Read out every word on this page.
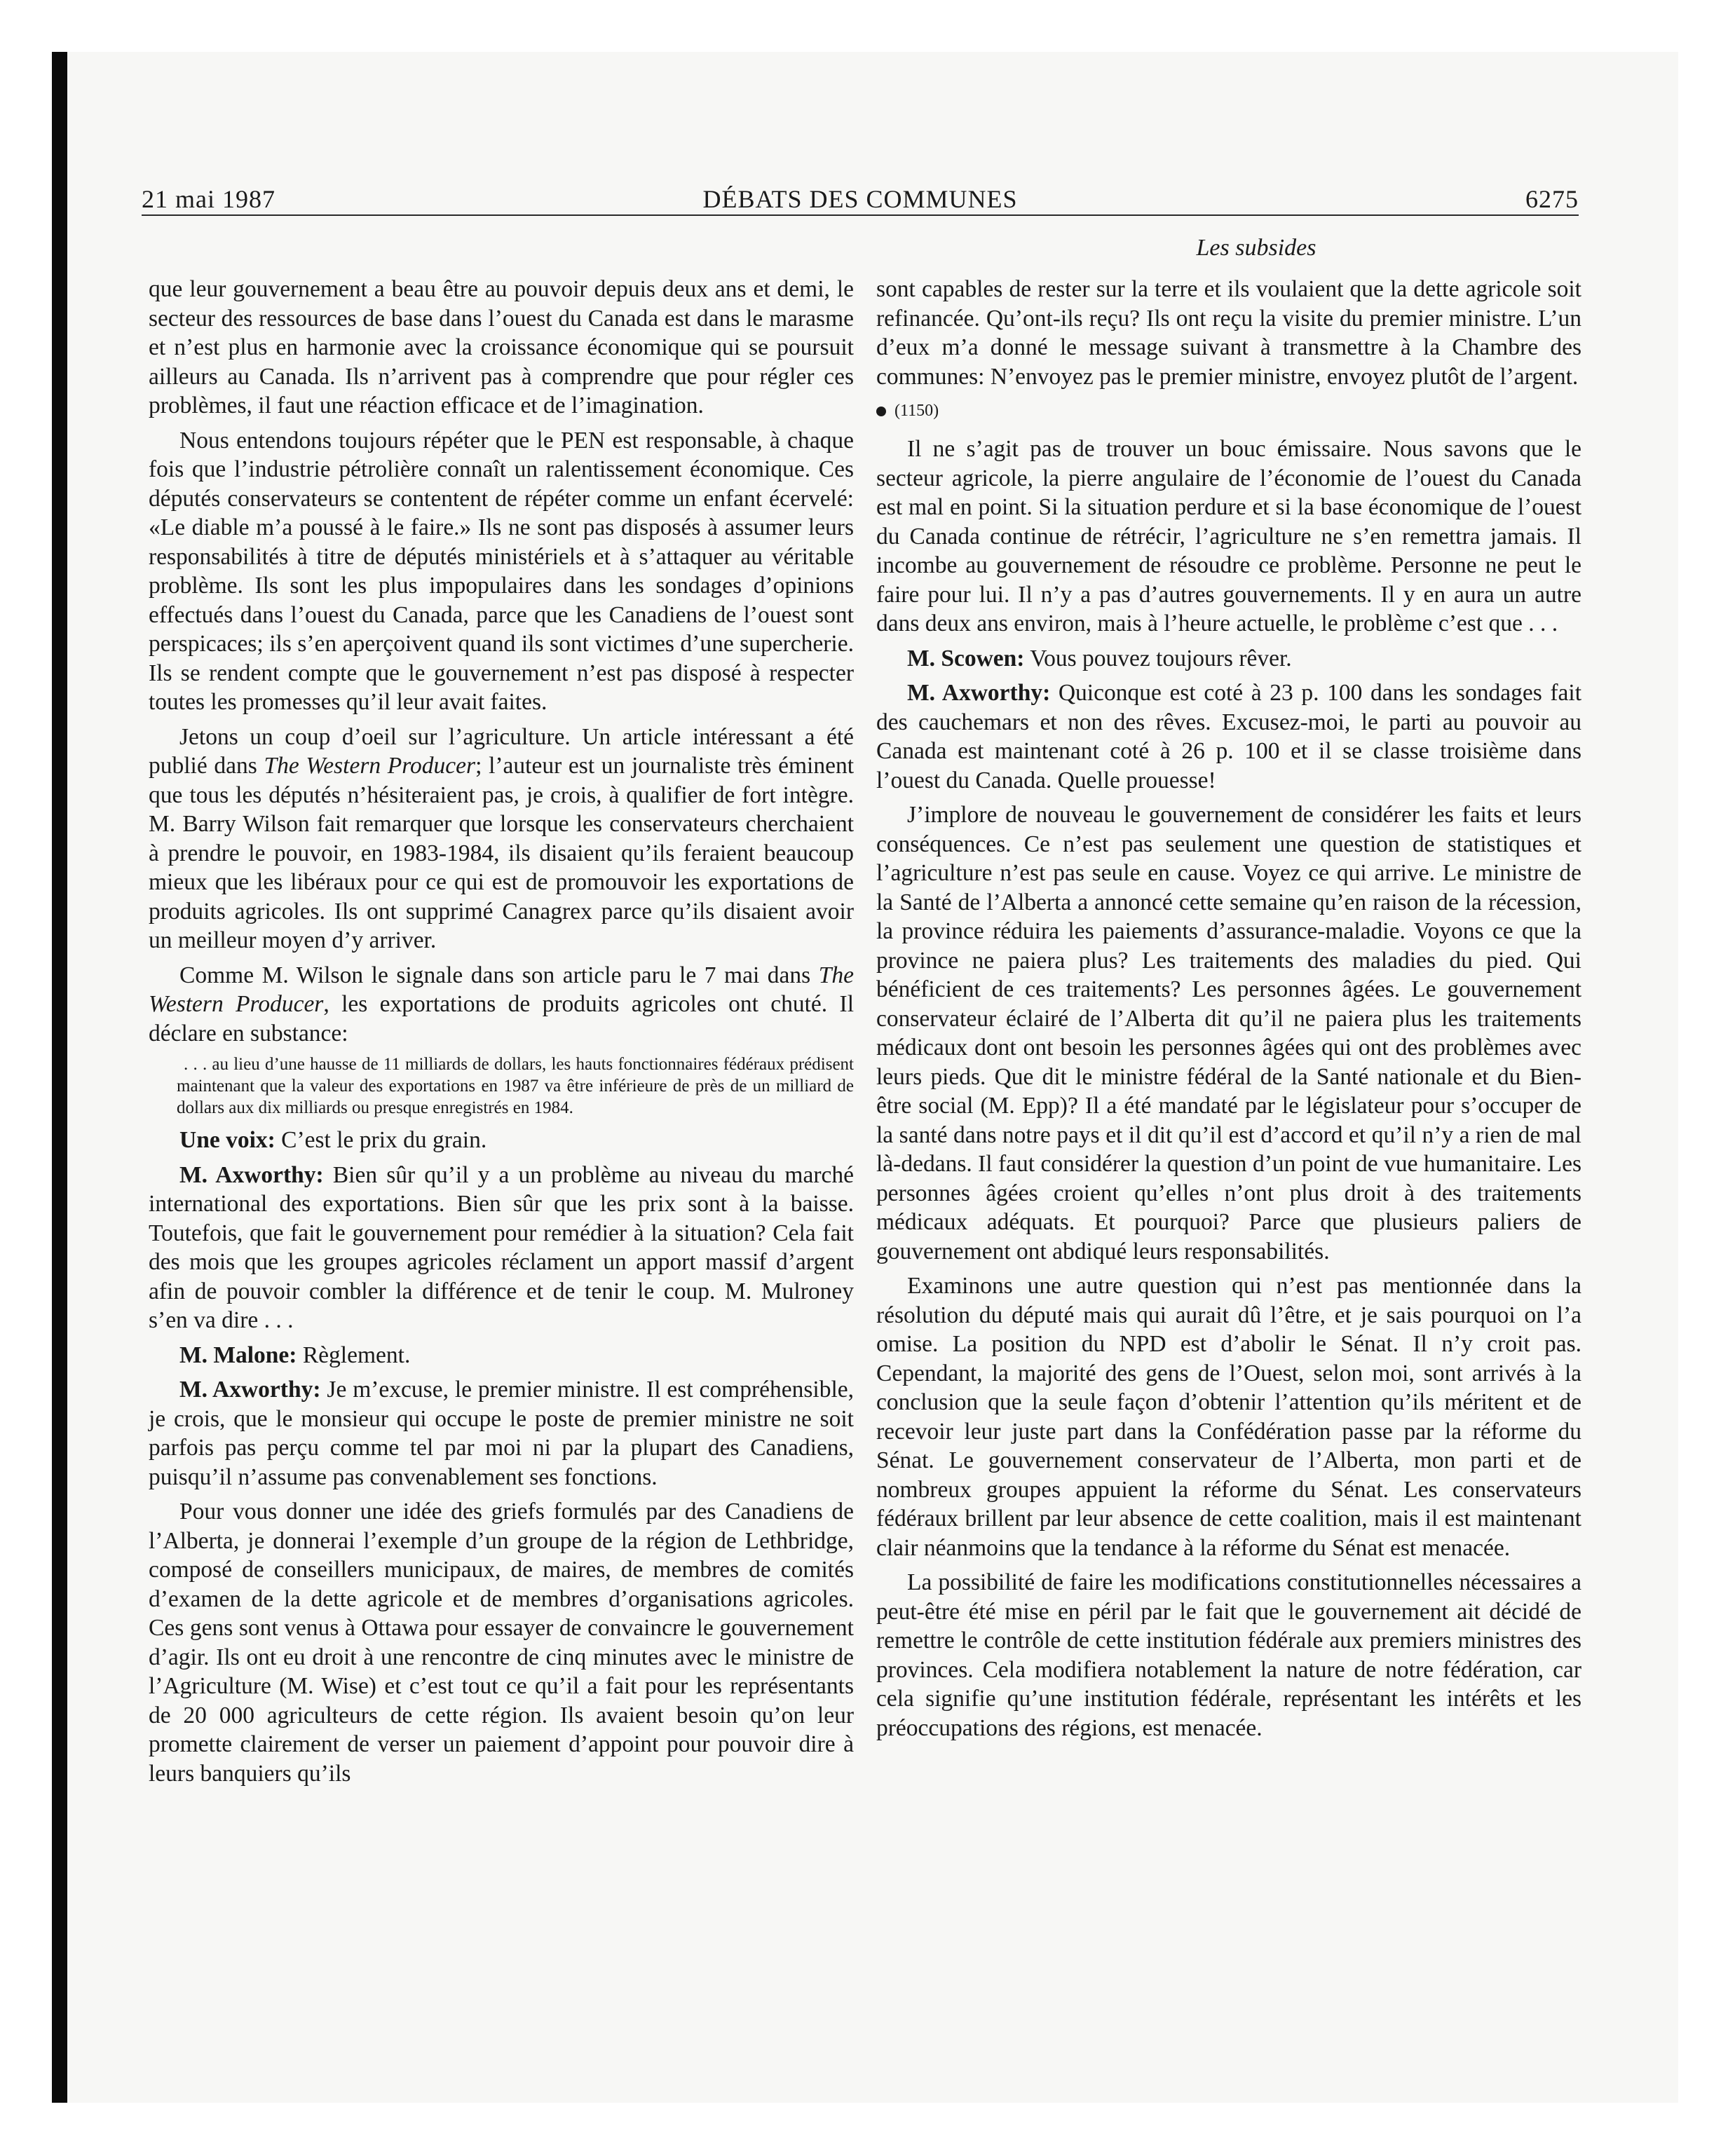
21 mai 1987	DÉBATS DES COMMUNES	6275
Les subsides

que leur gouvernement a beau être au pouvoir depuis deux ans et demi, le secteur des ressources de base dans l’ouest du Canada est dans le marasme et n’est plus en harmonie avec la croissance économique qui se poursuit ailleurs au Canada. Ils n’arrivent pas à comprendre que pour régler ces problèmes, il faut une réaction efficace et de l’imagination.

Nous entendons toujours répéter que le PEN est responsable, à chaque fois que l’industrie pétrolière connaît un ralentissement économique. Ces députés conservateurs se contentent de répéter comme un enfant écervelé: «Le diable m’a poussé à le faire.» Ils ne sont pas disposés à assumer leurs responsabilités à titre de députés ministériels et à s’attaquer au véritable problème. Ils sont les plus impopulaires dans les sondages d’opinions effectués dans l’ouest du Canada, parce que les Canadiens de l’ouest sont perspicaces; ils s’en aperçoivent quand ils sont victimes d’une supercherie. Ils se rendent compte que le gouvernement n’est pas disposé à respecter toutes les promesses qu’il leur avait faites.

Jetons un coup d’oeil sur l’agriculture. Un article intéressant a été publié dans The Western Producer; l’auteur est un journaliste très éminent que tous les députés n’hésiteraient pas, je crois, à qualifier de fort intègre. M. Barry Wilson fait remarquer que lorsque les conservateurs cherchaient à prendre le pouvoir, en 1983-1984, ils disaient qu’ils feraient beaucoup mieux que les libéraux pour ce qui est de promouvoir les exportations de produits agricoles. Ils ont supprimé Canagrex parce qu’ils disaient avoir un meilleur moyen d’y arriver.

Comme M. Wilson le signale dans son article paru le 7 mai dans The Western Producer, les exportations de produits agricoles ont chuté. Il déclare en substance:

. . . au lieu d’une hausse de 11 milliards de dollars, les hauts fonctionnaires fédéraux prédisent maintenant que la valeur des exportations en 1987 va être inférieure de près de un milliard de dollars aux dix milliards ou presque enregistrés en 1984.

Une voix: C’est le prix du grain.

M. Axworthy: Bien sûr qu’il y a un problème au niveau du marché international des exportations. Bien sûr que les prix sont à la baisse. Toutefois, que fait le gouvernement pour remédier à la situation? Cela fait des mois que les groupes agricoles réclament un apport massif d’argent afin de pouvoir combler la différence et de tenir le coup. M. Mulroney s’en va dire . . .

M. Malone: Règlement.

M. Axworthy: Je m’excuse, le premier ministre. Il est compréhensible, je crois, que le monsieur qui occupe le poste de premier ministre ne soit parfois pas perçu comme tel par moi ni par la plupart des Canadiens, puisqu’il n’assume pas convenablement ses fonctions.

Pour vous donner une idée des griefs formulés par des Canadiens de l’Alberta, je donnerai l’exemple d’un groupe de la région de Lethbridge, composé de conseillers municipaux, de maires, de membres de comités d’examen de la dette agricole et de membres d’organisations agricoles. Ces gens sont venus à Ottawa pour essayer de convaincre le gouvernement d’agir. Ils ont eu droit à une rencontre de cinq minutes avec le ministre de l’Agriculture (M. Wise) et c’est tout ce qu’il a fait pour les représentants de 20 000 agriculteurs de cette région. Ils avaient besoin qu’on leur promette clairement de verser un paiement d’appoint pour pouvoir dire à leurs banquiers qu’ils

sont capables de rester sur la terre et ils voulaient que la dette agricole soit refinancée. Qu’ont-ils reçu? Ils ont reçu la visite du premier ministre. L’un d’eux m’a donné le message suivant à transmettre à la Chambre des communes: N’envoyez pas le premier ministre, envoyez plutôt de l’argent.

(1150)

Il ne s’agit pas de trouver un bouc émissaire. Nous savons que le secteur agricole, la pierre angulaire de l’économie de l’ouest du Canada est mal en point. Si la situation perdure et si la base économique de l’ouest du Canada continue de rétrécir, l’agriculture ne s’en remettra jamais. Il incombe au gouvernement de résoudre ce problème. Personne ne peut le faire pour lui. Il n’y a pas d’autres gouvernements. Il y en aura un autre dans deux ans environ, mais à l’heure actuelle, le problème c’est que . . .

M. Scowen: Vous pouvez toujours rêver.

M. Axworthy: Quiconque est coté à 23 p. 100 dans les sondages fait des cauchemars et non des rêves. Excusez-moi, le parti au pouvoir au Canada est maintenant coté à 26 p. 100 et il se classe troisième dans l’ouest du Canada. Quelle prouesse!

J’implore de nouveau le gouvernement de considérer les faits et leurs conséquences. Ce n’est pas seulement une question de statistiques et l’agriculture n’est pas seule en cause. Voyez ce qui arrive. Le ministre de la Santé de l’Alberta a annoncé cette semaine qu’en raison de la récession, la province réduira les paiements d’assurance-maladie. Voyons ce que la province ne paiera plus? Les traitements des maladies du pied. Qui bénéficient de ces traitements? Les personnes âgées. Le gouvernement conservateur éclairé de l’Alberta dit qu’il ne paiera plus les traitements médicaux dont ont besoin les personnes âgées qui ont des problèmes avec leurs pieds. Que dit le ministre fédéral de la Santé nationale et du Bien-être social (M. Epp)? Il a été mandaté par le législateur pour s’occuper de la santé dans notre pays et il dit qu’il est d’accord et qu’il n’y a rien de mal là-dedans. Il faut considérer la question d’un point de vue humanitaire. Les personnes âgées croient qu’elles n’ont plus droit à des traitements médicaux adéquats. Et pourquoi? Parce que plusieurs paliers de gouvernement ont abdiqué leurs responsabilités.

Examinons une autre question qui n’est pas mentionnée dans la résolution du député mais qui aurait dû l’être, et je sais pourquoi on l’a omise. La position du NPD est d’abolir le Sénat. Il n’y croit pas. Cependant, la majorité des gens de l’Ouest, selon moi, sont arrivés à la conclusion que la seule façon d’obtenir l’attention qu’ils méritent et de recevoir leur juste part dans la Confédération passe par la réforme du Sénat. Le gouvernement conservateur de l’Alberta, mon parti et de nombreux groupes appuient la réforme du Sénat. Les conservateurs fédéraux brillent par leur absence de cette coalition, mais il est maintenant clair néanmoins que la tendance à la réforme du Sénat est menacée.

La possibilité de faire les modifications constitutionnelles nécessaires a peut-être été mise en péril par le fait que le gouvernement ait décidé de remettre le contrôle de cette institution fédérale aux premiers ministres des provinces. Cela modifiera notablement la nature de notre fédération, car cela signifie qu’une institution fédérale, représentant les intérêts et les préoccupations des régions, est menacée.
